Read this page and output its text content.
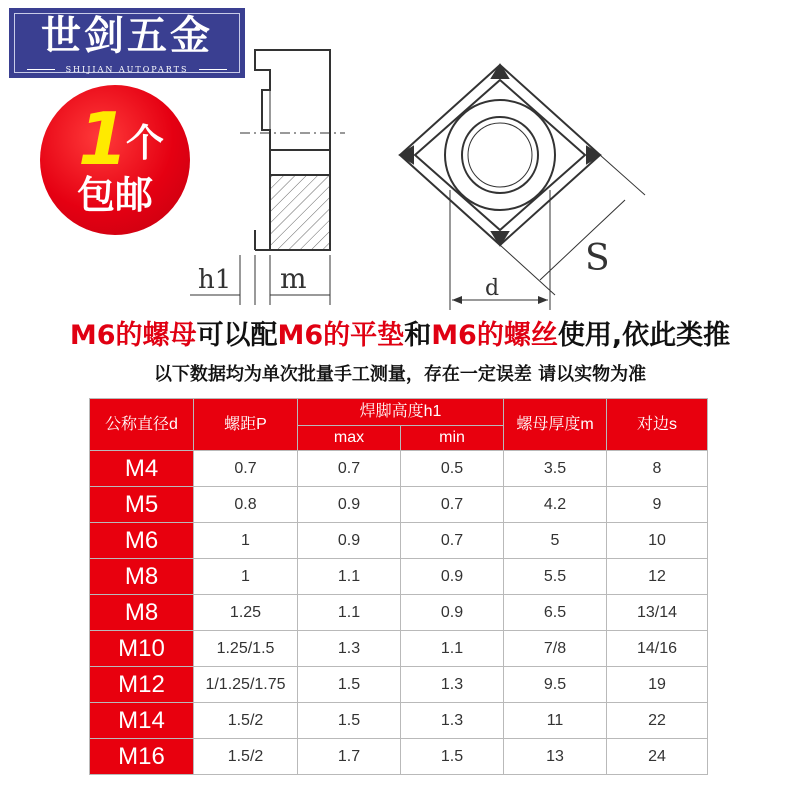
世剑五金
SHIJIAN AUTOPARTS
1
个
包邮
h1 m	d
S
M6的螺母可以配M6的平垫和M6的螺丝使用,依此类推
以下数据均为单次批量手工测量，存在一定误差 请以实物为准
公称直径d	螺距P	焊脚高度h1		螺母厚度m	对边s
		max	min		
M4	0.7	0.7	0.5	3.5	8
M5	0.8	0.9	0.7	4.2	9
M6	1	0.9	0.7	5	10
M8	1	1.1	0.9	5.5	12
M8	1.25	1.1	0.9	6.5	13/14
M10	1.25/1.5	1.3	1.1	7/8	14/16
M12	1/1.25/1.75	1.5	1.3	9.5	19
M14	1.5/2	1.5	1.3	11	22
M16	1.5/2	1.7	1.5	13	24
